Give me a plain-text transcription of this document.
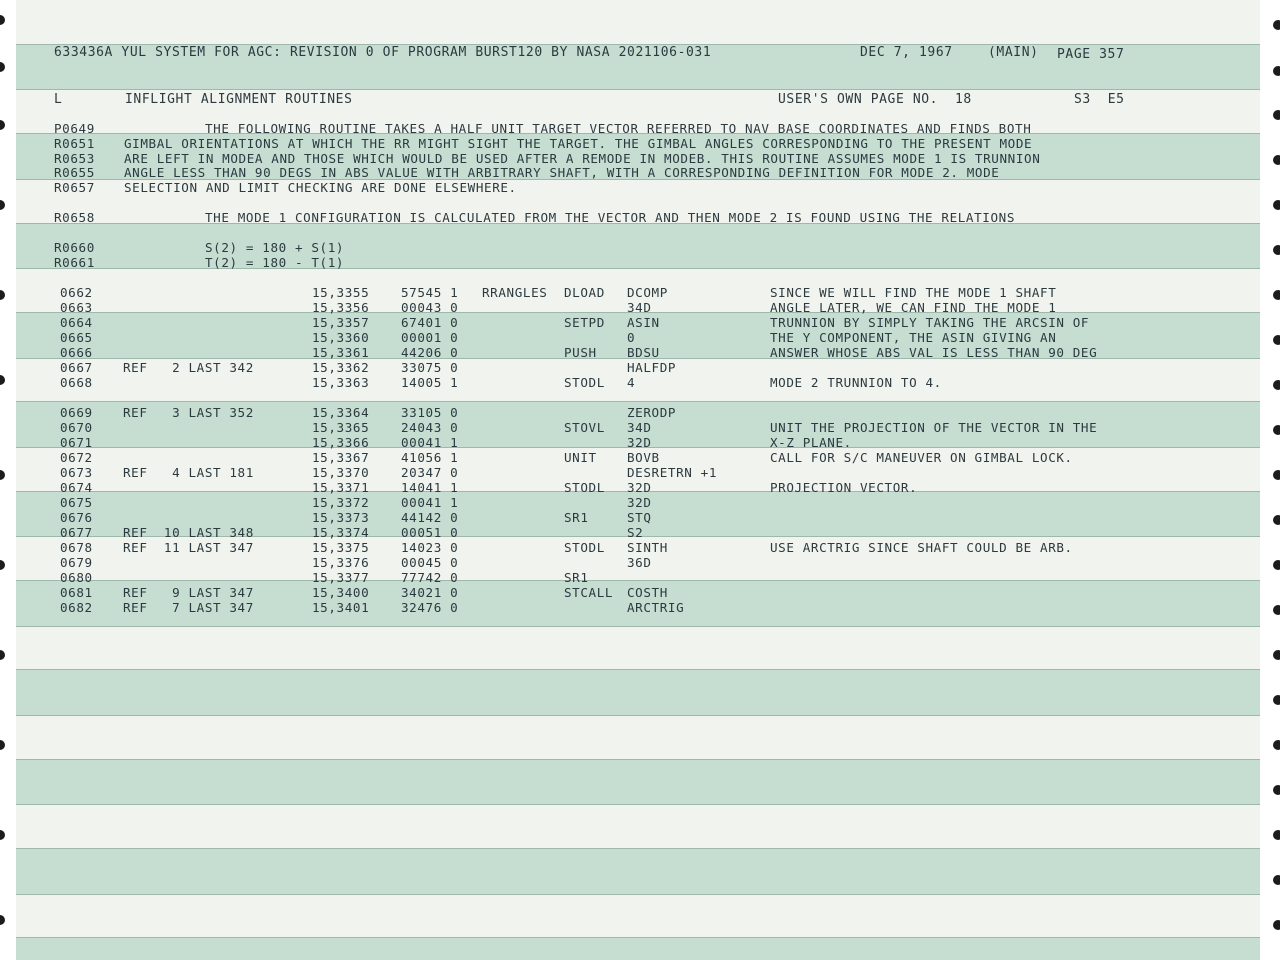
633436A YUL SYSTEM FOR AGC: REVISION 0 OF PROGRAM BURST120 BY NASA 2021106-031	DEC 7, 1967	(MAIN) PAGE 357
L	INFLIGHT ALIGNMENT ROUTINES	USER'S OWN PAGE NO.  18	S3  E5
P0649	THE FOLLOWING ROUTINE TAKES A HALF UNIT TARGET VECTOR REFERRED TO NAV BASE COORDINATES AND FINDS BOTH
R0651 GIMBAL ORIENTATIONS AT WHICH THE RR MIGHT SIGHT THE TARGET. THE GIMBAL ANGLES CORRESPONDING TO THE PRESENT MODE
R0653 ARE LEFT IN MODEA AND THOSE WHICH WOULD BE USED AFTER A REMODE IN MODEB. THIS ROUTINE ASSUMES MODE 1 IS TRUNNION
R0655 ANGLE LESS THAN 90 DEGS IN ABS VALUE WITH ARBITRARY SHAFT, WITH A CORRESPONDING DEFINITION FOR MODE 2. MODE
R0657 SELECTION AND LIMIT CHECKING ARE DONE ELSEWHERE.
R0658	THE MODE 1 CONFIGURATION IS CALCULATED FROM THE VECTOR AND THEN MODE 2 IS FOUND USING THE RELATIONS
R0660	S(2) = 180 + S(1)
R0661	T(2) = 180 - T(1)
0662	15,3355	57545 1 RRANGLES DLOAD DCOMP	SINCE WE WILL FIND THE MODE 1 SHAFT
0663	15,3356	00043 0	34D	ANGLE LATER, WE CAN FIND THE MODE 1
0664	15,3357	67401 0	SETPD ASIN	TRUNNION BY SIMPLY TAKING THE ARCSIN OF
0665	15,3360	00001 0	0	THE Y COMPONENT, THE ASIN GIVING AN
0666	15,3361	44206 0	PUSH BDSU	ANSWER WHOSE ABS VAL IS LESS THAN 90 DEG
0667 REF   2 LAST 342	15,3362	33075 0	HALFDP
0668	15,3363	14005 1	STODL 4	MODE 2 TRUNNION TO 4.
0669 REF   3 LAST 352	15,3364	33105 0	ZERODP
0670	15,3365	24043 0	STOVL 34D	UNIT THE PROJECTION OF THE VECTOR IN THE
0671	15,3366	00041 1	32D	X-Z PLANE.
0672	15,3367	41056 1	UNIT BOVB	CALL FOR S/C MANEUVER ON GIMBAL LOCK.
0673 REF   4 LAST 181	15,3370	20347 0	DESRETRN +1
0674	15,3371	14041 1	STODL 32D	PROJECTION VECTOR.
0675	15,3372	00041 1	32D
0676	15,3373	44142 0	SR1	STQ
0677 REF  10 LAST 348	15,3374	00051 0	S2
0678 REF  11 LAST 347	15,3375	14023 0	STODL SINTH	USE ARCTRIG SINCE SHAFT COULD BE ARB.
0679	15,3376	00045 0	36D
0680	15,3377	77742 0	SR1
0681 REF   9 LAST 347	15,3400	34021 0	STCALL COSTH
0682 REF   7 LAST 347	15,3401	32476 0	ARCTRIG
